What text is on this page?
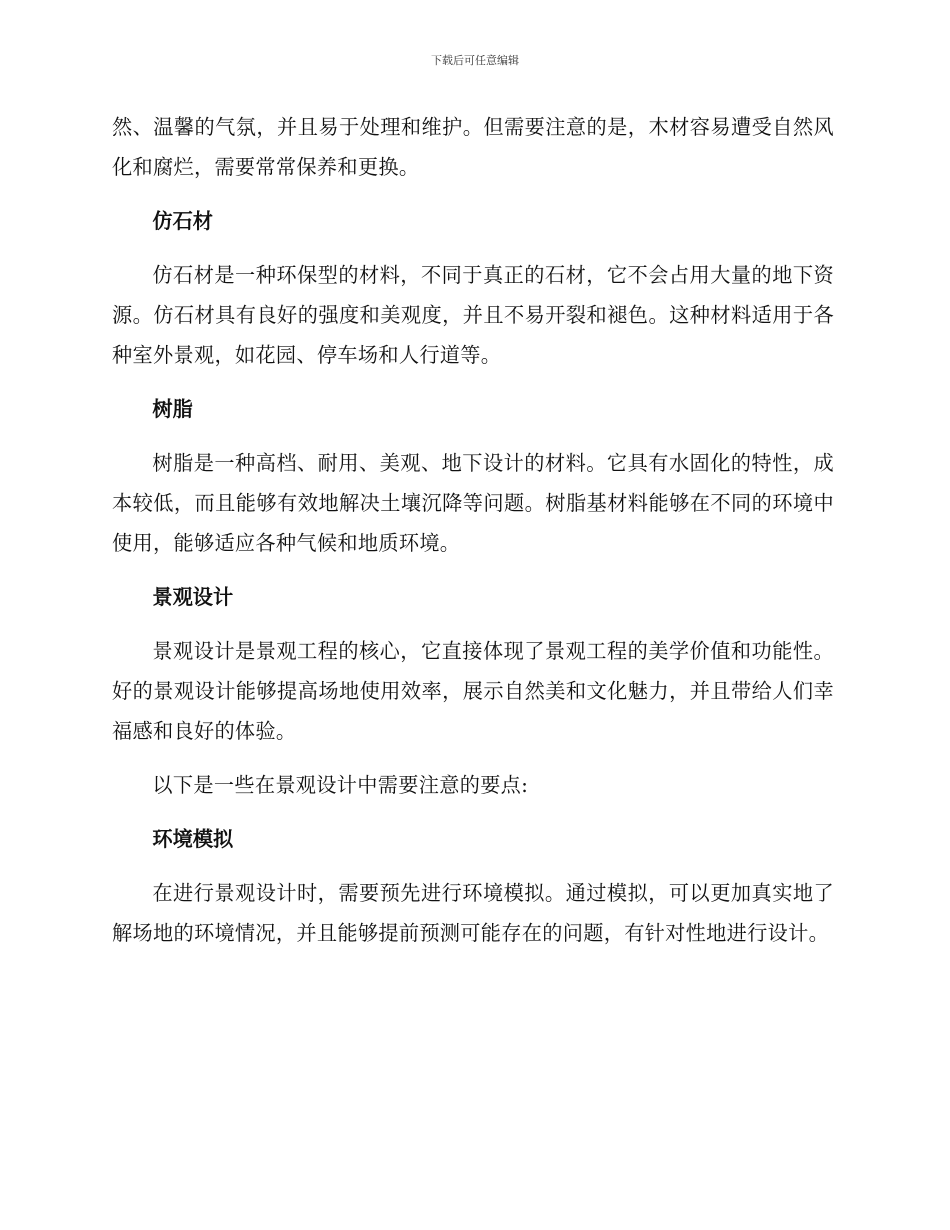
下载后可任意编辑

然、温馨的气氛，并且易于处理和维护。但需要注意的是，木材容易遭受自然风化和腐烂，需要常常保养和更换。

仿石材

仿石材是一种环保型的材料，不同于真正的石材，它不会占用大量的地下资源。仿石材具有良好的强度和美观度，并且不易开裂和褪色。这种材料适用于各种室外景观，如花园、停车场和人行道等。

树脂

树脂是一种高档、耐用、美观、地下设计的材料。它具有水固化的特性，成本较低，而且能够有效地解决土壤沉降等问题。树脂基材料能够在不同的环境中使用，能够适应各种气候和地质环境。

景观设计

景观设计是景观工程的核心，它直接体现了景观工程的美学价值和功能性。好的景观设计能够提高场地使用效率，展示自然美和文化魅力，并且带给人们幸福感和良好的体验。

以下是一些在景观设计中需要注意的要点:

环境模拟

在进行景观设计时，需要预先进行环境模拟。通过模拟，可以更加真实地了解场地的环境情况，并且能够提前预测可能存在的问题，有针对性地进行设计。
